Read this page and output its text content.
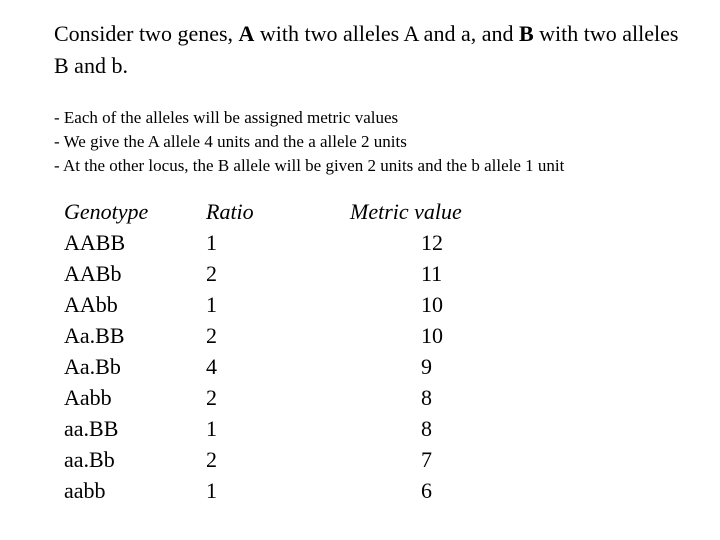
Consider two genes, A with two alleles A and a, and B with two alleles B and b.

- Each of the alleles will be assigned metric values
- We give the A allele 4 units and the a allele 2 units
- At the other locus, the B allele will be given 2 units and the b allele 1 unit
Genotype
AABB
AABb
AAbb
Aa.BB
Aa.Bb
Aabb
aa.BB
aa.Bb
aabb
Ratio
1
2
1
2
4
2
1
2
1
Metric value
12
11
10
10
9
8
8
7
6
